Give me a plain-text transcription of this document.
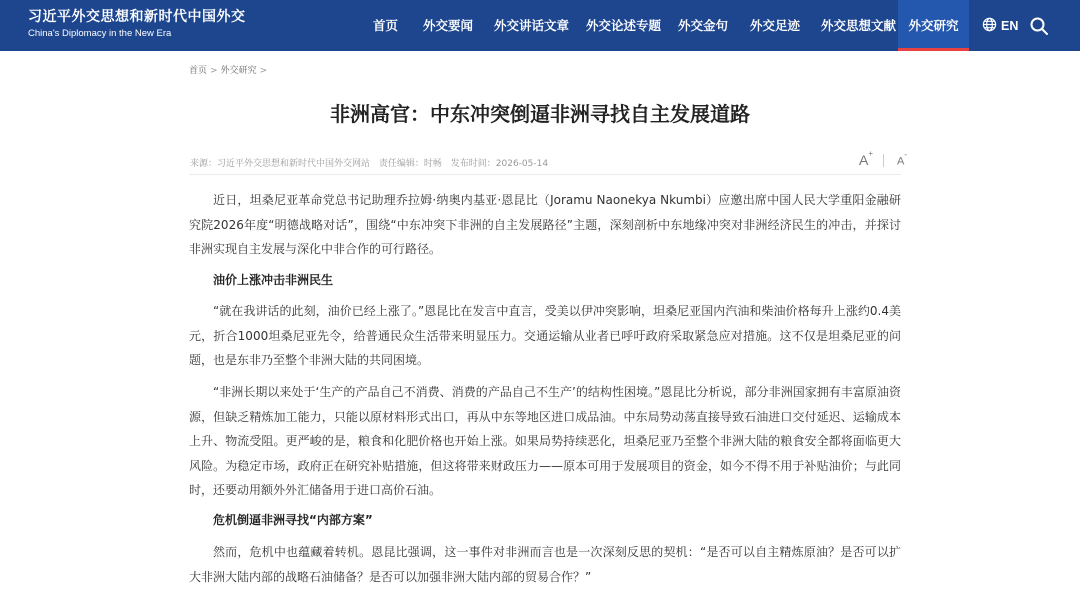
习近平外交思想和新时代中国外交
China's Diplomacy in the New Era
首页 外交要闻 外交讲话文章 外交论述专题 外交金句 外交足迹 外交思想文献 外交研究	EN
首页 > 外交研究 >
非洲高官：中东冲突倒逼非洲寻找自主发展道路
来源：习近平外交思想和新时代中国外交网站 责任编辑：时畅 发布时间：2026-05-14	A+
A-

近日，坦桑尼亚革命党总书记助理乔拉姆·纳奥内基亚·恩昆比（Joramu Naonekya Nkumbi）应邀出席中国人民大学重阳金融研究院2026年度“明德战略对话”，围绕“中东冲突下非洲的自主发展路径”主题，深刻剖析中东地缘冲突对非洲经济民生的冲击，并探讨非洲实现自主发展与深化中非合作的可行路径。

油价上涨冲击非洲民生

“就在我讲话的此刻，油价已经上涨了。”恩昆比在发言中直言，受美以伊冲突影响，坦桑尼亚国内汽油和柴油价格每升上涨约0.4美元，折合1000坦桑尼亚先令，给普通民众生活带来明显压力。交通运输从业者已呼吁政府采取紧急应对措施。这不仅是坦桑尼亚的问题，也是东非乃至整个非洲大陆的共同困境。

“非洲长期以来处于‘生产的产品自己不消费、消费的产品自己不生产’的结构性困境。”恩昆比分析说，部分非洲国家拥有丰富原油资源，但缺乏精炼加工能力，只能以原材料形式出口，再从中东等地区进口成品油。中东局势动荡直接导致石油进口交付延迟、运输成本上升、物流受阻。更严峻的是，粮食和化肥价格也开始上涨。如果局势持续恶化，坦桑尼亚乃至整个非洲大陆的粮食安全都将面临更大风险。为稳定市场，政府正在研究补贴措施，但这将带来财政压力——原本可用于发展项目的资金，如今不得不用于补贴油价；与此同时，还要动用额外外汇储备用于进口高价石油。

危机倒逼非洲寻找“内部方案”

然而，危机中也蕴藏着转机。恩昆比强调，这一事件对非洲而言也是一次深刻反思的契机：“是否可以自主精炼原油？是否可以扩大非洲大陆内部的战略石油储备？是否可以加强非洲大陆内部的贸易合作？”
